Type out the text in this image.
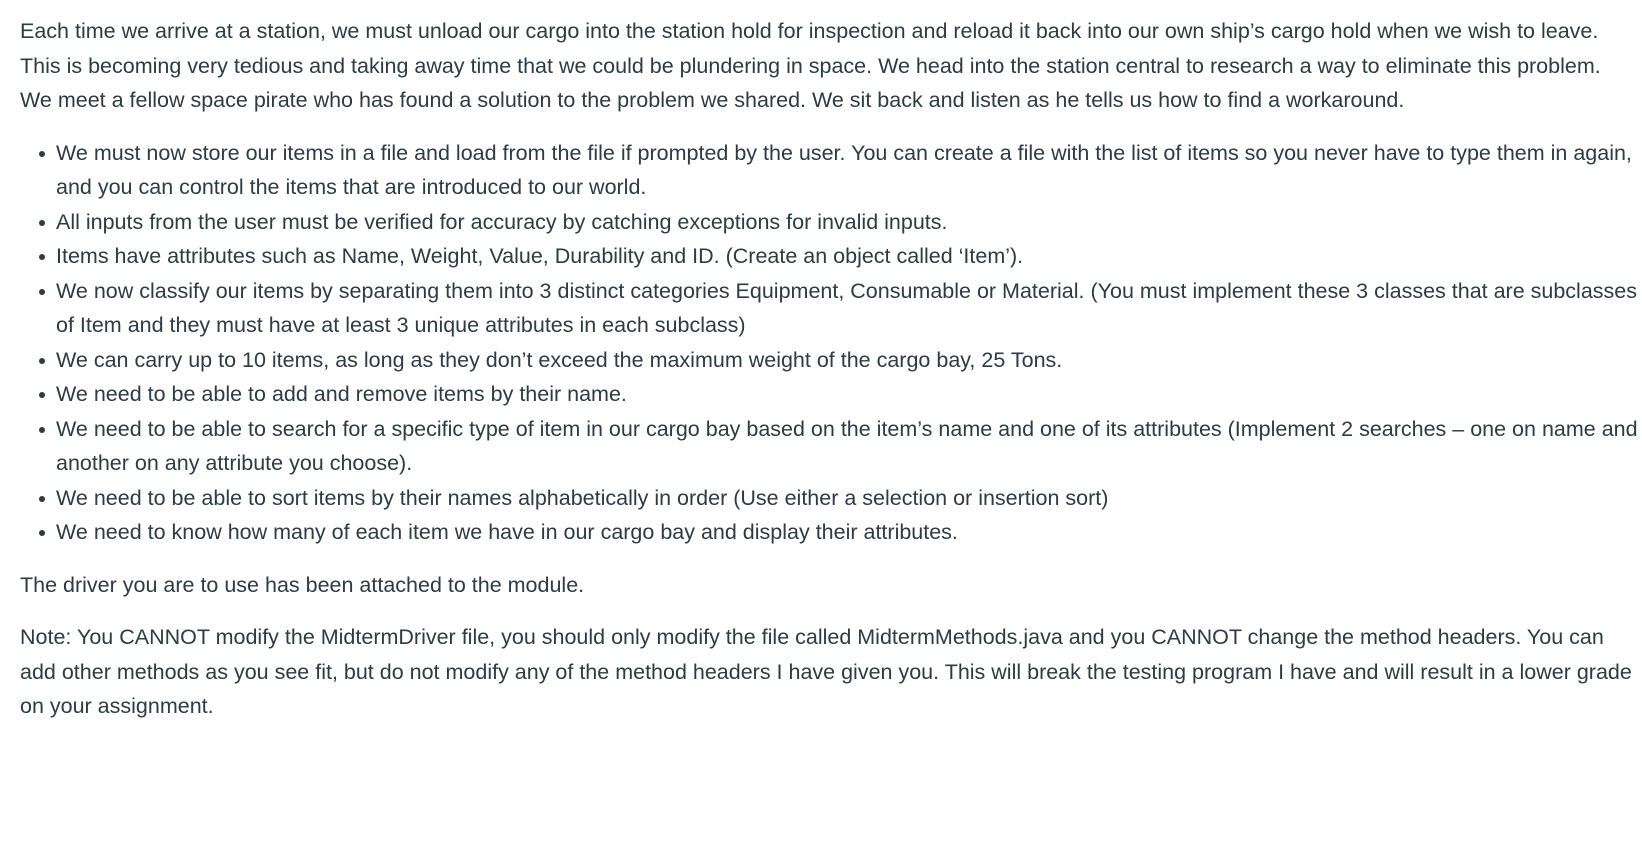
Each time we arrive at a station, we must unload our cargo into the station hold for inspection and reload it back into our own ship’s cargo hold when we wish to leave. This is becoming very tedious and taking away time that we could be plundering in space. We head into the station central to research a way to eliminate this problem. We meet a fellow space pirate who has found a solution to the problem we shared. We sit back and listen as he tells us how to find a workaround.

We must now store our items in a file and load from the file if prompted by the user. You can create a file with the list of items so you never have to type them in again, and you can control the items that are introduced to our world.
All inputs from the user must be verified for accuracy by catching exceptions for invalid inputs.
Items have attributes such as Name, Weight, Value, Durability and ID. (Create an object called ‘Item’).
We now classify our items by separating them into 3 distinct categories Equipment, Consumable or Material. (You must implement these 3 classes that are subclasses of Item and they must have at least 3 unique attributes in each subclass)
We can carry up to 10 items, as long as they don’t exceed the maximum weight of the cargo bay, 25 Tons.
We need to be able to add and remove items by their name.
We need to be able to search for a specific type of item in our cargo bay based on the item’s name and one of its attributes (Implement 2 searches – one on name and another on any attribute you choose).
We need to be able to sort items by their names alphabetically in order (Use either a selection or insertion sort)
We need to know how many of each item we have in our cargo bay and display their attributes.

The driver you are to use has been attached to the module.

Note: You CANNOT modify the MidtermDriver file, you should only modify the file called MidtermMethods.java and you CANNOT change the method headers. You can add other methods as you see fit, but do not modify any of the method headers I have given you. This will break the testing program I have and will result in a lower grade on your assignment.
